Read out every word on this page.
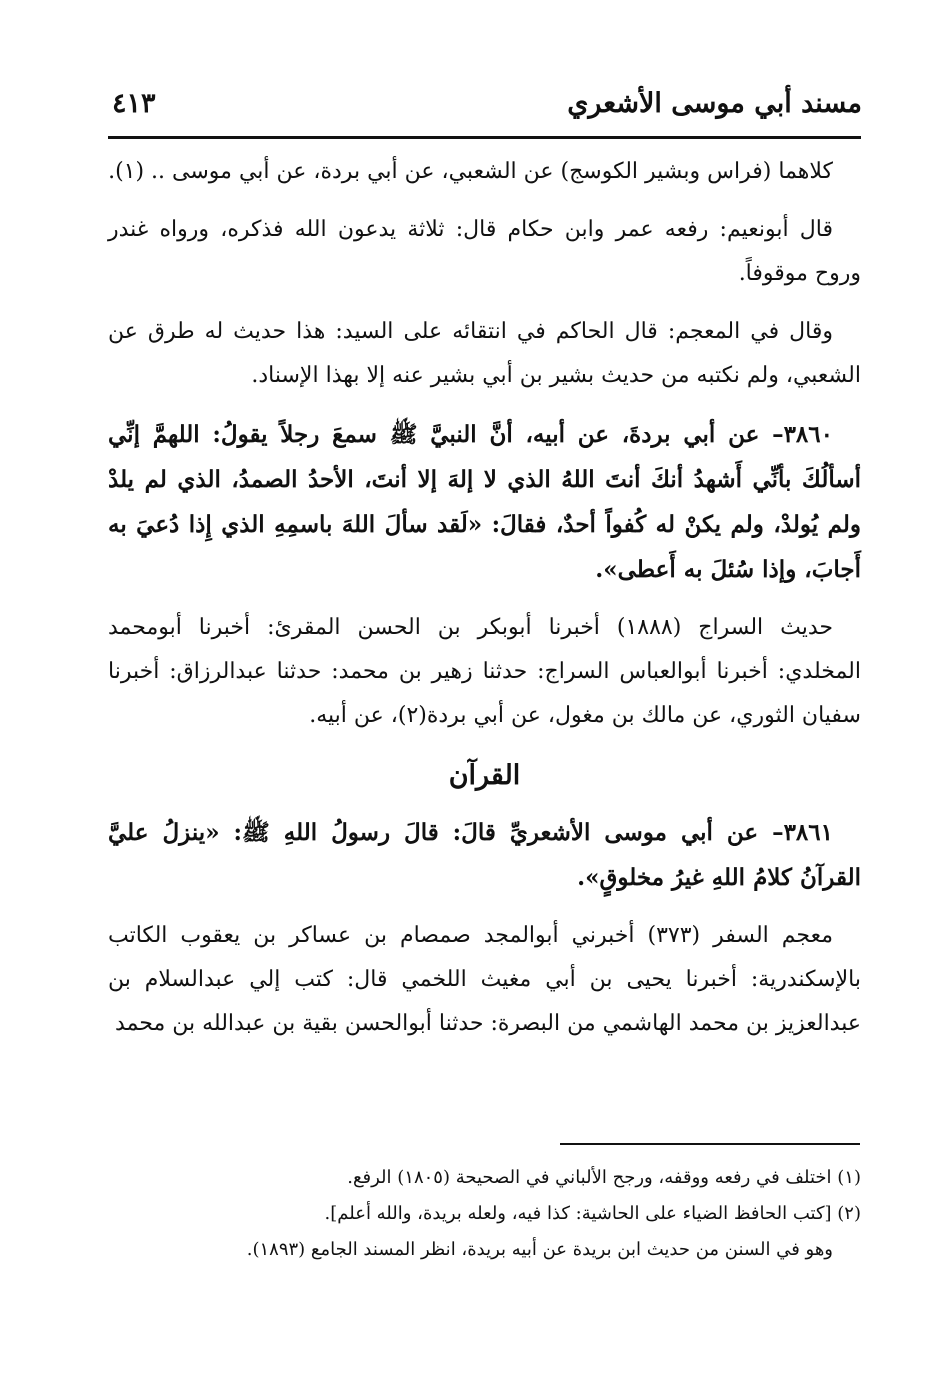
مسند أبي موسى الأشعري
٤١٣

كلاهما (فراس وبشير الكوسج) عن الشعبي، عن أبي بردة، عن أبي موسى .. (١).

قال أبونعيم: رفعه عمر وابن حكام قال: ثلاثة يدعون الله فذكره، ورواه غندر وروح موقوفاً.

وقال في المعجم: قال الحاكم في انتقائه على السيد: هذا حديث له طرق عن الشعبي، ولم نكتبه من حديث بشير بن أبي بشير عنه إلا بهذا الإسناد.

٣٨٦٠– عن أبي بردةَ، عن أبيه، أنَّ النبيَّ ﷺ سمعَ رجلاً يقولُ: اللهمَّ إنِّي أسألُكَ بأنِّي أَشهدُ أنكَ أنتَ اللهُ الذي لا إلهَ إلا أنتَ، الأحدُ الصمدُ، الذي لم يلدْ ولم يُولدْ، ولم يكنْ له كُفواً أحدٌ، فقالَ: «لَقد سألَ اللهَ باسمِهِ الذي إِذا دُعيَ به أَجابَ، وإذا سُئلَ به أَعطى».

حديث السراج (١٨٨٨) أخبرنا أبوبكر بن الحسن المقرئ: أخبرنا أبومحمد المخلدي: أخبرنا أبوالعباس السراج: حدثنا زهير بن محمد: حدثنا عبدالرزاق: أخبرنا سفيان الثوري، عن مالك بن مغول، عن أبي بردة(٢)، عن أبيه.

القرآن

٣٨٦١– عن أبي موسى الأشعريِّ قالَ: قالَ رسولُ اللهِ ﷺ: «ينزلُ عليَّ القرآنُ كلامُ اللهِ غيرُ مخلوقٍ».

معجم السفر (٣٧٣) أخبرني أبوالمجد صمصام بن عساكر بن يعقوب الكاتب بالإسكندرية: أخبرنا يحيى بن أبي مغيث اللخمي قال: كتب إلي عبدالسلام بن عبدالعزيز بن محمد الهاشمي من البصرة: حدثنا أبوالحسن بقية بن عبدالله بن محمد

(١) اختلف في رفعه ووقفه، ورجح الألباني في الصحيحة (١٨٠٥) الرفع.

(٢) [كتب الحافظ الضياء على الحاشية: كذا فيه، ولعله بريدة، والله أعلم].

وهو في السنن من حديث ابن بريدة عن أبيه بريدة، انظر المسند الجامع (١٨٩٣).
